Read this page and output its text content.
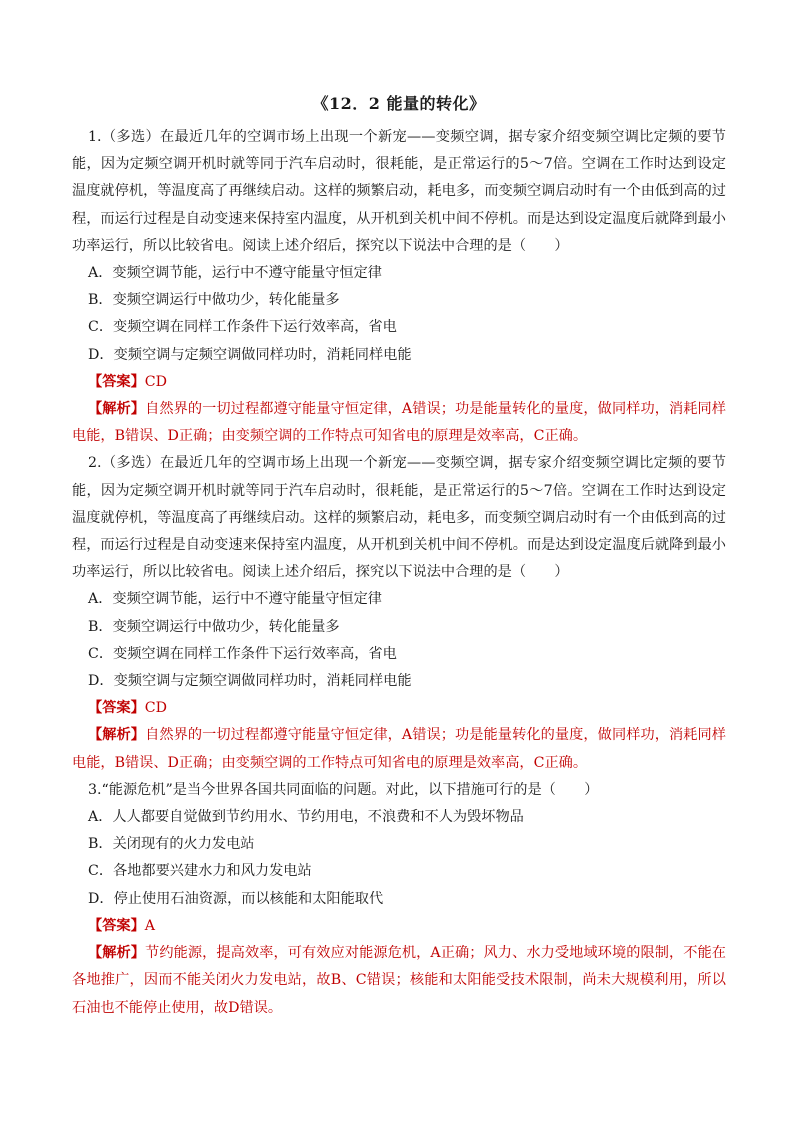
《12．2 能量的转化》

1.（多选）在最近几年的空调市场上出现一个新宠——变频空调，据专家介绍变频空调比定频的要节能，因为定频空调开机时就等同于汽车启动时，很耗能，是正常运行的5～7倍。空调在工作时达到设定温度就停机，等温度高了再继续启动。这样的频繁启动，耗电多，而变频空调启动时有一个由低到高的过程，而运行过程是自动变速来保持室内温度，从开机到关机中间不停机。而是达到设定温度后就降到最小功率运行，所以比较省电。阅读上述介绍后，探究以下说法中合理的是（　　）

A．变频空调节能，运行中不遵守能量守恒定律

B．变频空调运行中做功少，转化能量多

C．变频空调在同样工作条件下运行效率高，省电

D．变频空调与定频空调做同样功时，消耗同样电能

【答案】CD

【解析】自然界的一切过程都遵守能量守恒定律，A错误；功是能量转化的量度，做同样功，消耗同样电能，B错误、D正确；由变频空调的工作特点可知省电的原理是效率高，C正确。

2.（多选）在最近几年的空调市场上出现一个新宠——变频空调，据专家介绍变频空调比定频的要节能，因为定频空调开机时就等同于汽车启动时，很耗能，是正常运行的5～7倍。空调在工作时达到设定温度就停机，等温度高了再继续启动。这样的频繁启动，耗电多，而变频空调启动时有一个由低到高的过程，而运行过程是自动变速来保持室内温度，从开机到关机中间不停机。而是达到设定温度后就降到最小功率运行，所以比较省电。阅读上述介绍后，探究以下说法中合理的是（　　）

A．变频空调节能，运行中不遵守能量守恒定律

B．变频空调运行中做功少，转化能量多

C．变频空调在同样工作条件下运行效率高，省电

D．变频空调与定频空调做同样功时，消耗同样电能

【答案】CD

【解析】自然界的一切过程都遵守能量守恒定律，A错误；功是能量转化的量度，做同样功，消耗同样电能，B错误、D正确；由变频空调的工作特点可知省电的原理是效率高，C正确。

3.“能源危机”是当今世界各国共同面临的问题。对此，以下措施可行的是（　　）

A．人人都要自觉做到节约用水、节约用电，不浪费和不人为毁坏物品

B．关闭现有的火力发电站

C．各地都要兴建水力和风力发电站

D．停止使用石油资源，而以核能和太阳能取代

【答案】A

【解析】节约能源，提高效率，可有效应对能源危机，A正确；风力、水力受地域环境的限制，不能在各地推广，因而不能关闭火力发电站，故B、C错误；核能和太阳能受技术限制，尚未大规模利用，所以石油也不能停止使用，故D错误。
